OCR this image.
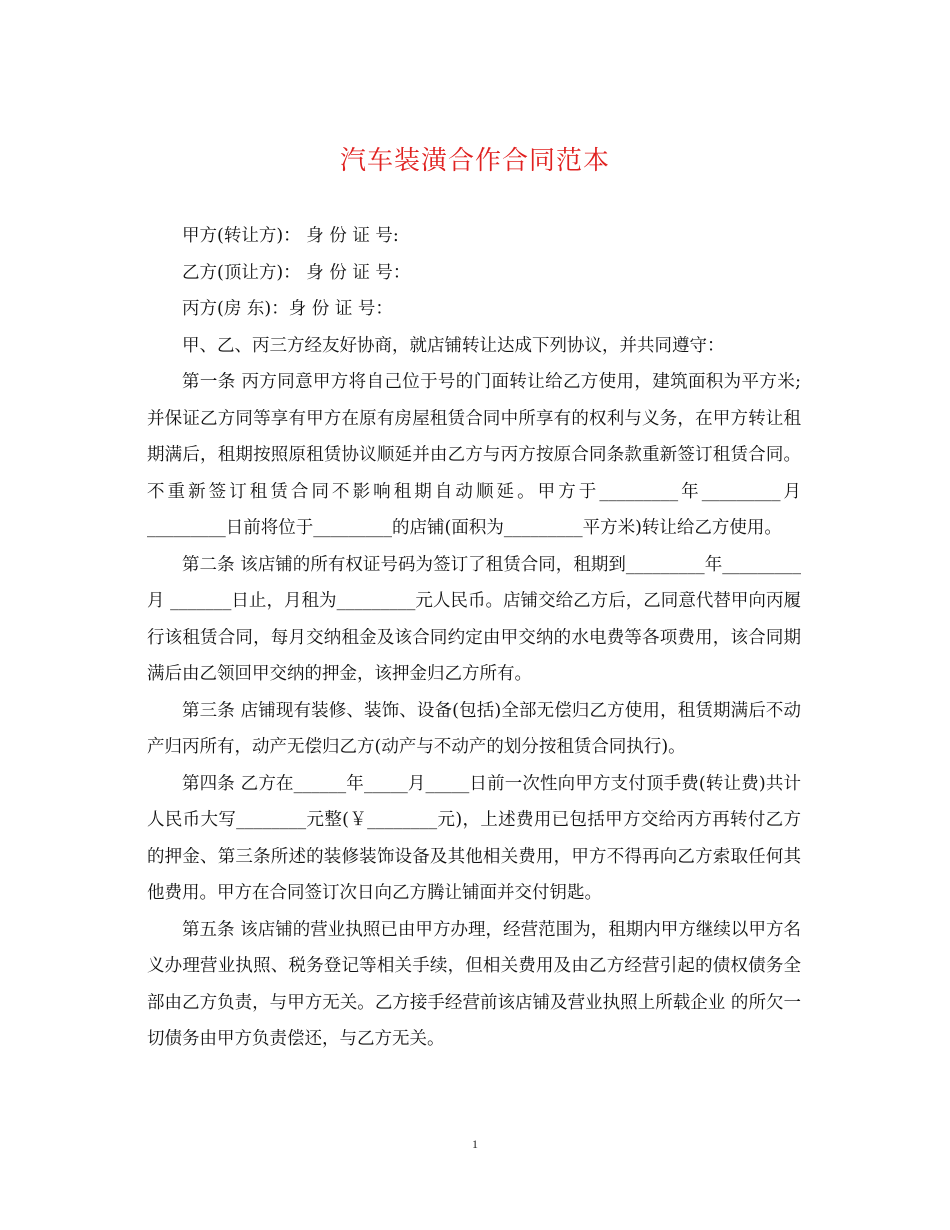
汽车装潢合作合同范本

甲方(转让方)： 身 份 证 号:

乙方(顶让方)： 身 份 证 号：

丙方(房 东)：身 份 证 号：

甲、乙、丙三方经友好协商，就店铺转让达成下列协议，并共同遵守：

第一条 丙方同意甲方将自己位于号的门面转让给乙方使用，建筑面积为平方米;并保证乙方同等享有甲方在原有房屋租赁合同中所享有的权利与义务，在甲方转让租期满后，租期按照原租赁协议顺延并由乙方与丙方按原合同条款重新签订租赁合同。不重新签订租赁合同不影响租期自动顺延。甲方于_________年_________月_________日前将位于_________的店铺(面积为_________平方米)转让给乙方使用。

第二条 该店铺的所有权证号码为签订了租赁合同，租期到_________年_________月 _______日止，月租为_________元人民币。店铺交给乙方后，乙同意代替甲向丙履行该租赁合同，每月交纳租金及该合同约定由甲交纳的水电费等各项费用，该合同期满后由乙领回甲交纳的押金，该押金归乙方所有。

第三条 店铺现有装修、装饰、设备(包括)全部无偿归乙方使用，租赁期满后不动产归丙所有，动产无偿归乙方(动产与不动产的划分按租赁合同执行)。

第四条 乙方在______年_____月_____日前一次性向甲方支付顶手费(转让费)共计人民币大写________元整(￥________元)，上述费用已包括甲方交给丙方再转付乙方的押金、第三条所述的装修装饰设备及其他相关费用，甲方不得再向乙方索取任何其他费用。甲方在合同签订次日向乙方腾让铺面并交付钥匙。

第五条 该店铺的营业执照已由甲方办理，经营范围为，租期内甲方继续以甲方名义办理营业执照、税务登记等相关手续，但相关费用及由乙方经营引起的债权债务全部由乙方负责，与甲方无关。乙方接手经营前该店铺及营业执照上所载企业 的所欠一切债务由甲方负责偿还，与乙方无关。

1
